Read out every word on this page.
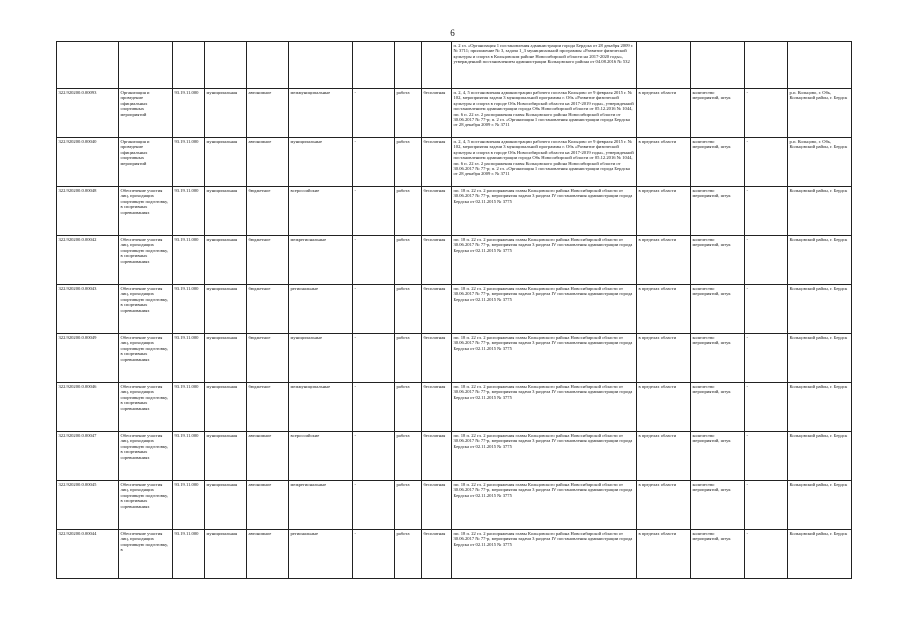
6
									п. 2 гл. «Организация 1 постановления администрации города Бердска от 28 декабря 2009 г. № 3711; приложение № 3, задача 1_3 муниципальной программы «Развитие физической культуры и спорта в Кольцовском районе Новосибирской области на 2017-2020 годы», утвержденной постановлением администрации Кольцовского района от 04.08.2016 № 532				
322.920200.0.00093	Организация и проведение официальных спортивных мероприятий	93.19.11.000	муниципальная	автономное	межмуниципальные	-	работа	бесплатная	п. 2, 4, 5 постановления администрации рабочего поселка Кольцово от 9 февраля 2015 г. № 102, мероприятия задачи 3 муниципальной программы г. Обь «Развитие физической культуры и спорта в городе Обь Новосибирской области на 2017-2019 годы», утвержденной постановлением администрации города Обь Новосибирской области от 05.12.2016 № 1044, пп. 6 п. 22 гл. 2 распоряжения главы Кольцовского района Новосибирской области от 30.06.2017 № 77-р; п. 2 гл. «Организация 1 постановления администрации города Бердска от 28 декабря 2009 г. № 3711	в пределах области	количество мероприятий, штук	-	р.п. Кольцово, г. Обь, Кольцовский район, г. Бердск
322.920200.0.00040	Организация и проведение официальных спортивных мероприятий	93.19.11.000	муниципальная	автономное	муниципальные	-	работа	бесплатная	п. 2, 4, 5 постановления администрации рабочего поселка Кольцово от 9 февраля 2015 г. № 102, мероприятия задачи 3 муниципальной программы г. Обь «Развитие физической культуры и спорта в городе Обь Новосибирской области на 2017-2019 годы», утвержденной постановлением администрации города Обь Новосибирской области от 05.12.2016 № 1044, пп. 6 п. 22 гл. 2 распоряжения главы Кольцовского района Новосибирской области от 30.06.2017 № 77-р; п. 2 гл. «Организация 1 постановления администрации города Бердска от 28 декабря 2009 г. № 3711	в пределах области	количество мероприятий, штук	-	р.п. Кольцово, г. Обь, Кольцовский район, г. Бердск
322.920200.0.00048	Обеспечение участия лиц, проходящих спортивную подготовку, в спортивных соревнованиях	93.19.11.000	муниципальная	бюджетное	всероссийские	-	работа	бесплатная	пп. 18 п. 22 гл. 2 распоряжения главы Кольцовского района Новосибирской области от 30.06.2017 № 77-р, мероприятия задачи 3 раздела IV постановления администрации города Бердска от 02.11.2015 № 3775	в пределах области	количество мероприятий, штук	-	Кольцовский район, г. Бердск
322.920200.0.00042	Обеспечение участия лиц, проходящих спортивную подготовку, в спортивных соревнованиях	93.19.11.000	муниципальная	бюджетное	межрегиональные	-	работа	бесплатная	пп. 18 п. 22 гл. 2 распоряжения главы Кольцовского района Новосибирской области от 30.06.2017 № 77-р, мероприятия задачи 3 раздела IV постановления администрации города Бердска от 02.11.2015 № 3775	в пределах области	количество мероприятий, штук	-	Кольцовский район, г. Бердск
322.920200.0.00043	Обеспечение участия лиц, проходящих спортивную подготовку, в спортивных соревнованиях	93.19.11.000	муниципальная	бюджетное	региональные	-	работа	бесплатная	пп. 18 п. 22 гл. 2 распоряжения главы Кольцовского района Новосибирской области от 30.06.2017 № 77-р, мероприятия задачи 3 раздела IV постановления администрации города Бердска от 02.11.2015 № 3775	в пределах области	количество мероприятий, штук	-	Кольцовский район, г. Бердск
322.920200.0.00049	Обеспечение участия лиц, проходящих спортивную подготовку, в спортивных соревнованиях	93.19.11.000	муниципальная	бюджетное	муниципальные	-	работа	бесплатная	пп. 18 п. 22 гл. 2 распоряжения главы Кольцовского района Новосибирской области от 30.06.2017 № 77-р, мероприятия задачи 3 раздела IV постановления администрации города Бердска от 02.11.2015 № 3775	в пределах области	количество мероприятий, штук	-	Кольцовский район, г. Бердск
322.920200.0.00046	Обеспечение участия лиц, проходящих спортивную подготовку, в спортивных соревнованиях	93.19.11.000	муниципальная	бюджетное	межмуниципальные	-	работа	бесплатная	пп. 18 п. 22 гл. 2 распоряжения главы Кольцовского района Новосибирской области от 30.06.2017 № 77-р, мероприятия задачи 3 раздела IV постановления администрации города Бердска от 02.11.2015 № 3775	в пределах области	количество мероприятий, штук	-	Кольцовский район, г. Бердск
322.920200.0.00047	Обеспечение участия лиц, проходящих спортивную подготовку, в спортивных соревнованиях	93.19.11.000	муниципальная	автономное	всероссийские	-	работа	бесплатная	пп. 18 п. 22 гл. 2 распоряжения главы Кольцовского района Новосибирской области от 30.06.2017 № 77-р, мероприятия задачи 3 раздела IV постановления администрации города Бердска от 02.11.2015 № 3775	в пределах области	количество мероприятий, штук	-	Кольцовский район, г. Бердск
322.920200.0.00045	Обеспечение участия лиц, проходящих спортивную подготовку, в спортивных соревнованиях	93.19.11.000	муниципальная	автономное	межрегиональные	-	работа	бесплатная	пп. 18 п. 22 гл. 2 распоряжения главы Кольцовского района Новосибирской области от 30.06.2017 № 77-р, мероприятия задачи 3 раздела IV постановления администрации города Бердска от 02.11.2015 № 3775	в пределах области	количество мероприятий, штук	-	Кольцовский район, г. Бердск
322.920200.0.00044	Обеспечение участия лиц, проходящих спортивную подготовку, в	93.19.11.000	муниципальная	автономное	региональные	-	работа	бесплатная	пп. 18 п. 22 гл. 2 распоряжения главы Кольцовского района Новосибирской области от 30.06.2017 № 77-р, мероприятия задачи 3 раздела IV постановления администрации города Бердска от 02.11.2015 № 3775	в пределах области	количество мероприятий, штук	-	Кольцовский район, г. Бердск
